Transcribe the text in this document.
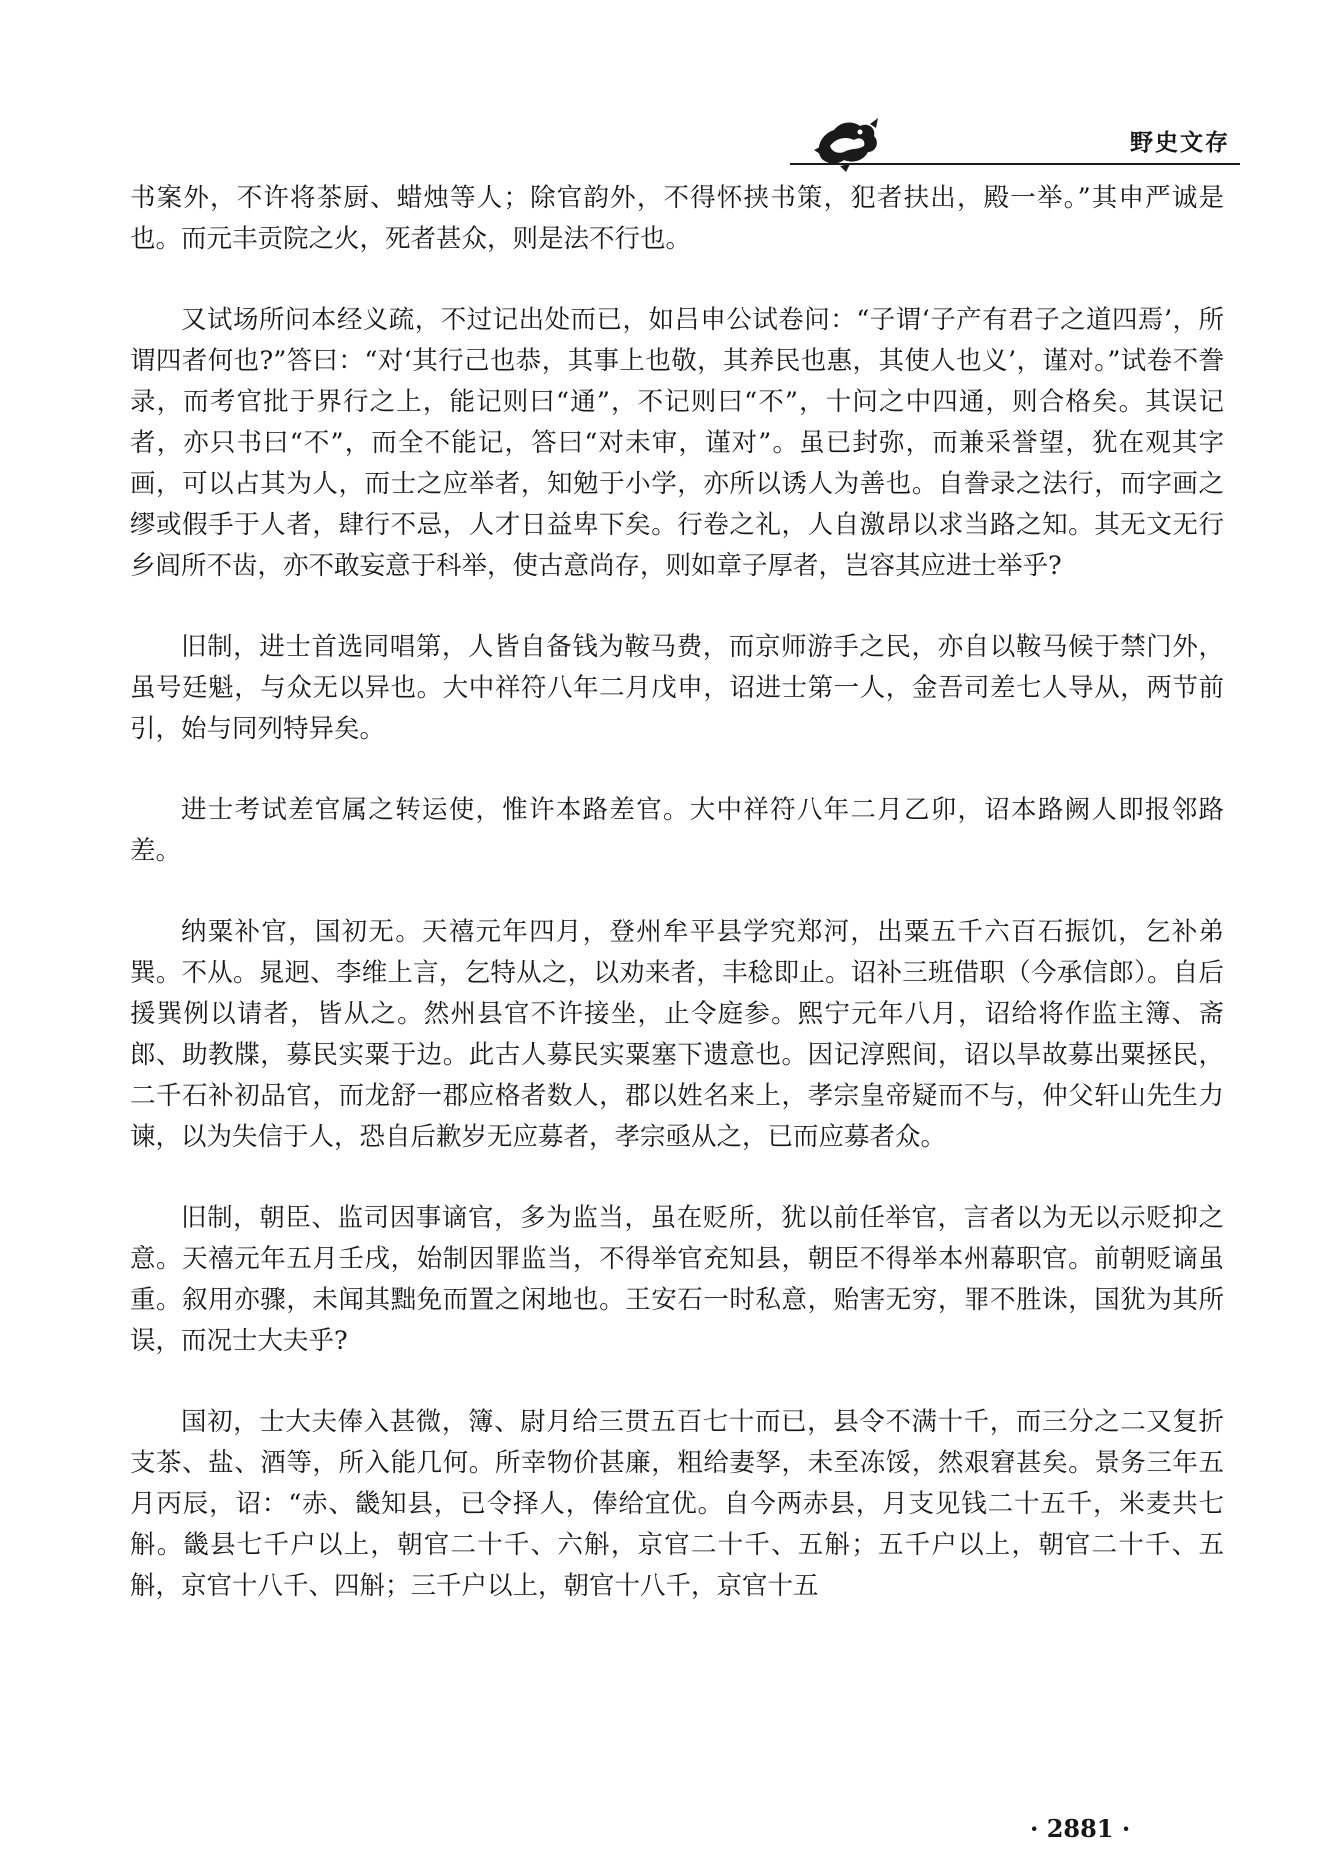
野史文存

书案外，不许将茶厨、蜡烛等人；除官韵外，不得怀挟书策，犯者扶出，殿一举。”其申严诚是也。而元丰贡院之火，死者甚众，则是法不行也。

又试场所问本经义疏，不过记出处而已，如吕申公试卷问：“子谓‘子产有君子之道四焉’，所谓四者何也?”答曰：“对‘其行己也恭，其事上也敬，其养民也惠，其使人也义’，谨对。”试卷不誊录，而考官批于界行之上，能记则曰“通”，不记则曰“不”，十问之中四通，则合格矣。其误记者，亦只书曰“不”，而全不能记，答曰“对未审，谨对”。虽已封弥，而兼采誉望，犹在观其字画，可以占其为人，而士之应举者，知勉于小学，亦所以诱人为善也。自誊录之法行，而字画之缪或假手于人者，肆行不忌，人才日益卑下矣。行卷之礼，人自激昂以求当路之知。其无文无行乡闾所不齿，亦不敢妄意于科举，使古意尚存，则如章子厚者，岂容其应进士举乎?

旧制，进士首选同唱第，人皆自备钱为鞍马费，而京师游手之民，亦自以鞍马候于禁门外，虽号廷魁，与众无以异也。大中祥符八年二月戊申，诏进士第一人，金吾司差七人导从，两节前引，始与同列特异矣。

进士考试差官属之转运使，惟许本路差官。大中祥符八年二月乙卯，诏本路阙人即报邻路差。

纳粟补官，国初无。天禧元年四月，登州牟平县学究郑河，出粟五千六百石振饥，乞补弟巽。不从。晁迥、李维上言，乞特从之，以劝来者，丰稔即止。诏补三班借职（今承信郎）。自后援巽例以请者，皆从之。然州县官不许接坐，止令庭参。熙宁元年八月，诏给将作监主簿、斋郎、助教牒，募民实粟于边。此古人募民实粟塞下遗意也。因记淳熙间，诏以旱故募出粟拯民，二千石补初品官，而龙舒一郡应格者数人，郡以姓名来上，孝宗皇帝疑而不与，仲父轩山先生力谏，以为失信于人，恐自后歉岁无应募者，孝宗亟从之，已而应募者众。

旧制，朝臣、监司因事谪官，多为监当，虽在贬所，犹以前任举官，言者以为无以示贬抑之意。天禧元年五月壬戌，始制因罪监当，不得举官充知县，朝臣不得举本州幕职官。前朝贬谪虽重。叙用亦骤，未闻其黜免而置之闲地也。王安石一时私意，贻害无穷，罪不胜诛，国犹为其所误，而况士大夫乎?

国初，士大夫俸入甚微，簿、尉月给三贯五百七十而已，县令不满十千，而三分之二又复折支茶、盐、酒等，所入能几何。所幸物价甚廉，粗给妻孥，未至冻馁，然艰窘甚矣。景务三年五月丙辰，诏：“赤、畿知县，已令择人，俸给宜优。自今两赤县，月支见钱二十五千，米麦共七斛。畿县七千户以上，朝官二十千、六斛，京官二十千、五斛；五千户以上，朝官二十千、五斛，京官十八千、四斛；三千户以上，朝官十八千，京官十五

· 2881 ·
